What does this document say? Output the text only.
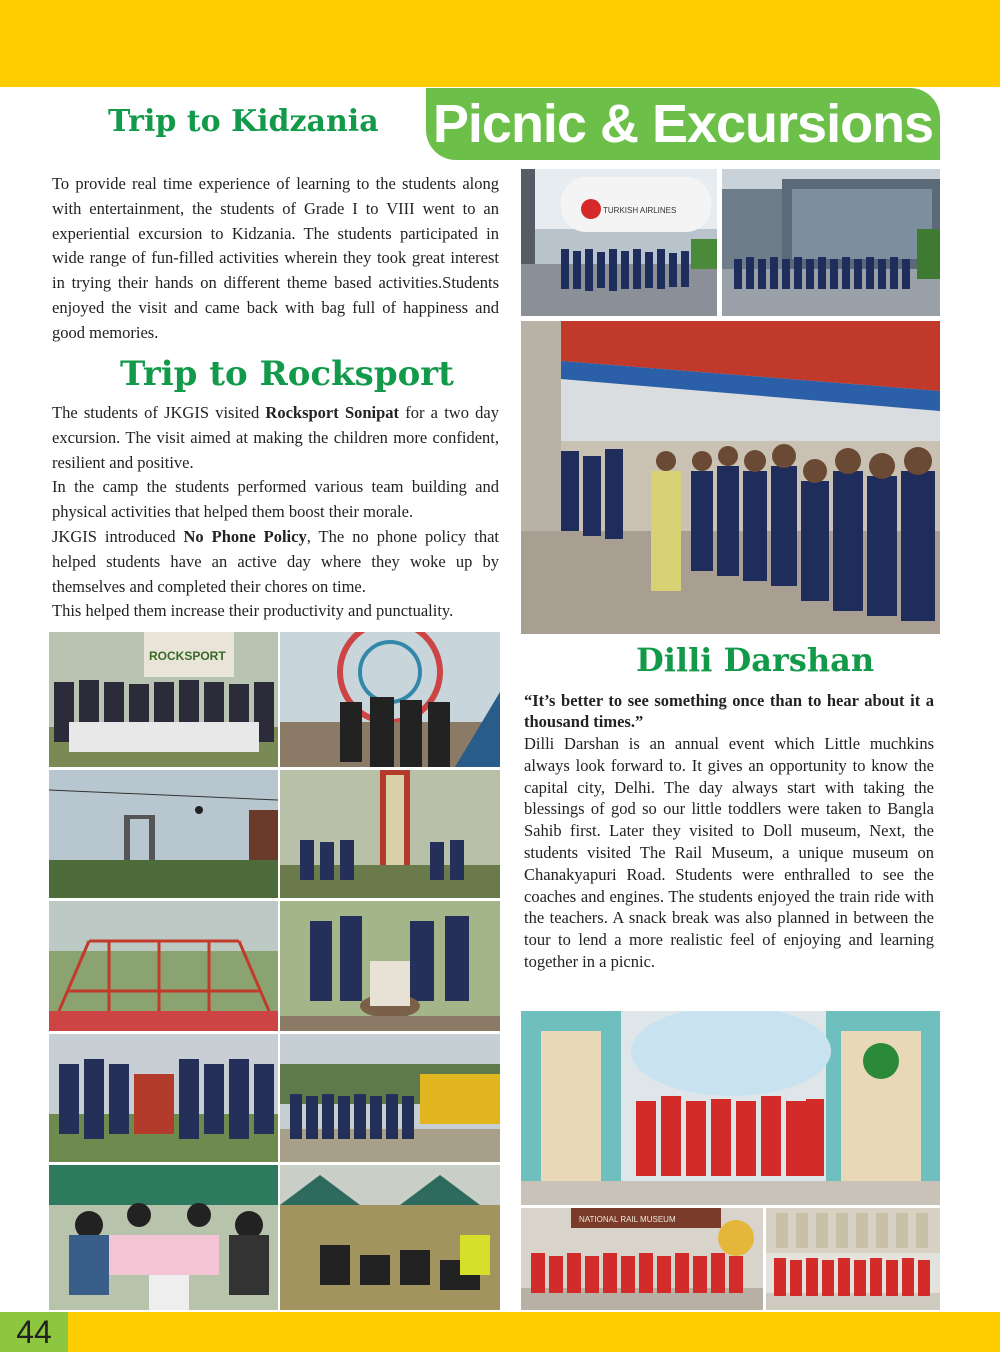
Picnic & Excursions
Trip to Kidzania
To provide real time experience of learning to the students along with entertainment, the students of Grade I to VIII went to an experiential excursion to Kidzania. The students participated in wide range of fun-filled activities wherein they took great interest in trying their hands on different theme based activities.Students enjoyed the visit and came back with bag full of happiness and good memories.
TURKISH AIRLINES
Trip to Rocksport
The students of JKGIS visited Rocksport Sonipat for a two day excursion. The visit aimed at making the children more confident, resilient and positive.
In the camp the students performed various team building and physical activities that helped them boost their morale.
JKGIS introduced No Phone Policy, The no phone policy that helped students have an active day where they woke up by themselves and completed their chores on time.
This helped them increase their productivity and punctuality.
ROCKSPORT	Dilli Darshan
“It’s better to see something once than to hear about it a thousand times.”
Dilli Darshan is an annual event which Little muchkins always look forward to. It gives an opportunity to know the capital city, Delhi. The day always start with taking the blessings of god so our little toddlers were taken to Bangla Sahib first. Later they visited to Doll museum, Next, the students visited The Rail Museum, a unique museum on Chanakyapuri Road. Students were enthralled to see the coaches and engines. The students enjoyed the train ride with the teachers. A snack break was also planned in between the tour to lend a more realistic feel of enjoying and learning together in a picnic.
NATIONAL RAIL MUSEUM
44
